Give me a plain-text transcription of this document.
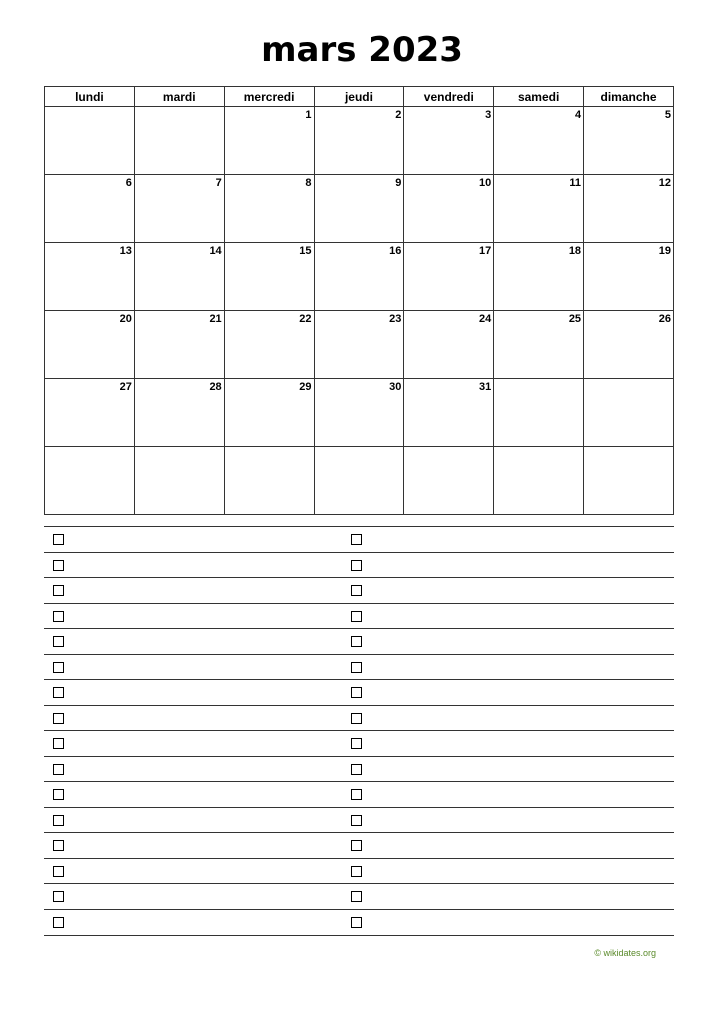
mars 2023
lundi	mardi	mercredi	jeudi	vendredi	samedi	dimanche

		1	2	3	4	5

6	7	8	9	10	11	12

13	14	15	16	17	18	19

20	21	22	23	24	25	26

27	28	29	30	31		

© wikidates.org
